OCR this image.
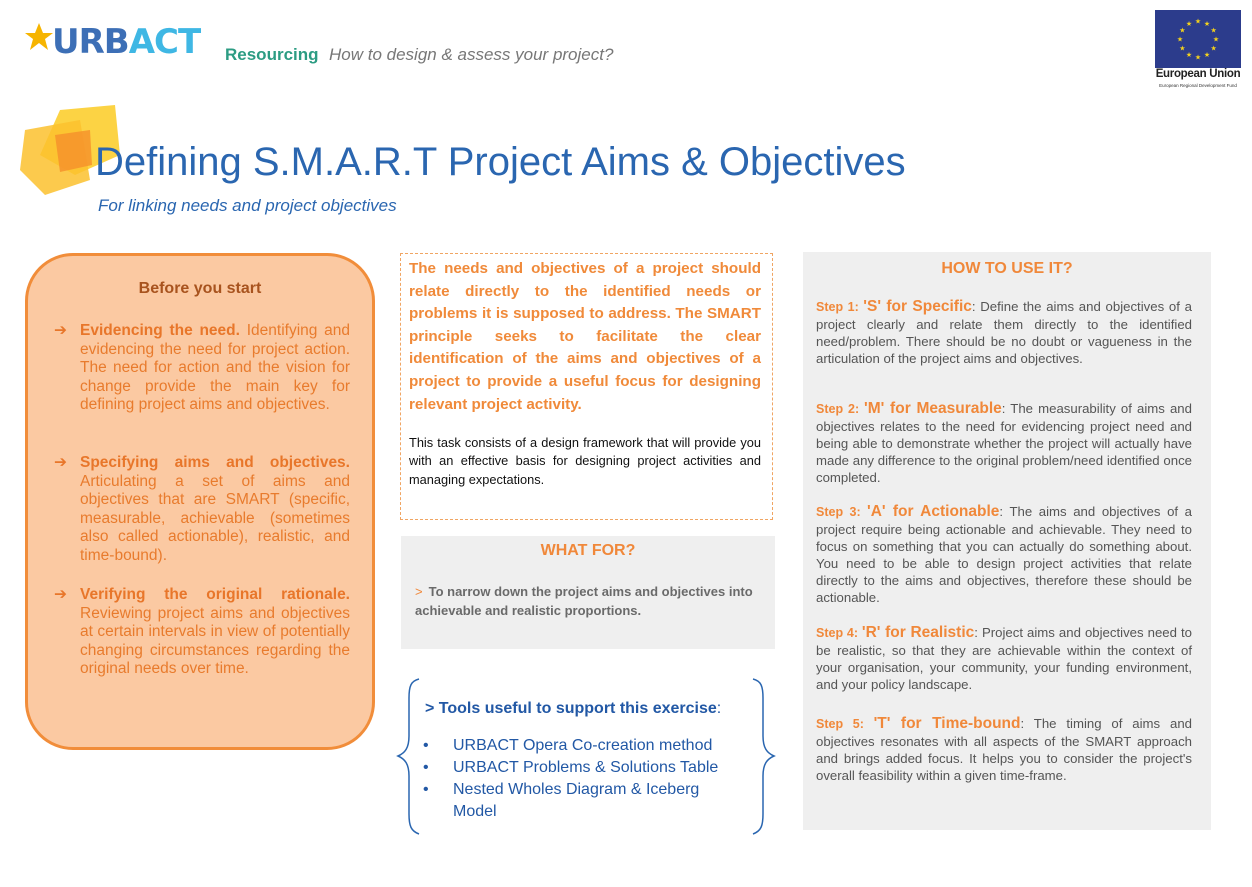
URBACT Resourcing How to design & assess your project?
★ ★
★
★
★
★
★
★
★
★
★
★
European Union
European Regional Development Fund
Defining S.M.A.R.T Project Aims & Objectives
For linking needs and project objectives
Before you start
➔ Evidencing the need. Identifying and evidencing the need for project action. The need for action and the vision for change provide the main key for defining project aims and objectives.
➔ Specifying aims and objectives. Articulating a set of aims and objectives that are SMART (specific, measurable, achievable (sometimes also called actionable), realistic, and time-bound).
➔ Verifying the original rationale. Reviewing project aims and objectives at certain intervals in view of potentially changing circumstances regarding the original needs over time.
The needs and objectives of a project should relate directly to the identified needs or problems it is supposed to address. The SMART principle seeks to facilitate the clear identification of the aims and objectives of a project to provide a useful focus for designing relevant project activity.
This task consists of a design framework that will provide you with an effective basis for designing project activities and managing expectations.
WHAT FOR?
> To narrow down the project aims and objectives into achievable and realistic proportions.
> Tools useful to support this exercise:
• URBACT Opera Co-creation method
• URBACT Problems & Solutions Table
• Nested Wholes Diagram & Iceberg Model
HOW TO USE IT?
Step 1: 'S' for Specific: Define the aims and objectives of a project clearly and relate them directly to the identified need/problem. There should be no doubt or vagueness in the articulation of the project aims and objectives.
Step 2: 'M' for Measurable: The measurability of aims and objectives relates to the need for evidencing project need and being able to demonstrate whether the project will actually have made any difference to the original problem/need identified once completed.
Step 3: 'A' for Actionable: The aims and objectives of a project require being actionable and achievable. They need to focus on something that you can actually do something about. You need to be able to design project activities that relate directly to the aims and objectives, therefore these should be actionable.
Step 4: 'R' for Realistic: Project aims and objectives need to be realistic, so that they are achievable within the context of your organisation, your community, your funding environment, and your policy landscape.
Step 5: 'T' for Time-bound: The timing of aims and objectives resonates with all aspects of the SMART approach and brings added focus. It helps you to consider the project's overall feasibility within a given time-frame.
